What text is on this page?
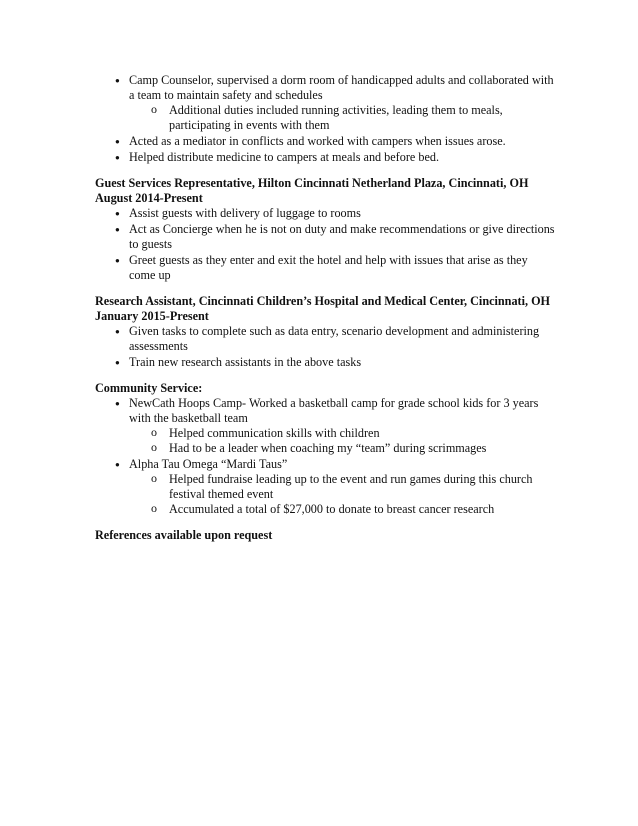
● Camp Counselor, supervised a dorm room of handicapped adults and collaborated with a team to maintain safety and schedules
o Additional duties included running activities, leading them to meals, participating in events with them
● Acted as a mediator in conflicts and worked with campers when issues arose.
● Helped distribute medicine to campers at meals and before bed.

Guest Services Representative, Hilton Cincinnati Netherland Plaza, Cincinnati, OH August 2014-Present

● Assist guests with delivery of luggage to rooms
● Act as Concierge when he is not on duty and make recommendations or give directions to guests
● Greet guests as they enter and exit the hotel and help with issues that arise as they come up

Research Assistant, Cincinnati Children’s Hospital and Medical Center, Cincinnati, OH January 2015-Present

● Given tasks to complete such as data entry, scenario development and administering assessments
● Train new research assistants in the above tasks

Community Service:

● NewCath Hoops Camp- Worked a basketball camp for grade school kids for 3 years with the basketball team
o Helped communication skills with children
o Had to be a leader when coaching my “team” during scrimmages
● Alpha Tau Omega “Mardi Taus”
o Helped fundraise leading up to the event and run games during this church festival themed event
o Accumulated a total of $27,000 to donate to breast cancer research

References available upon request
